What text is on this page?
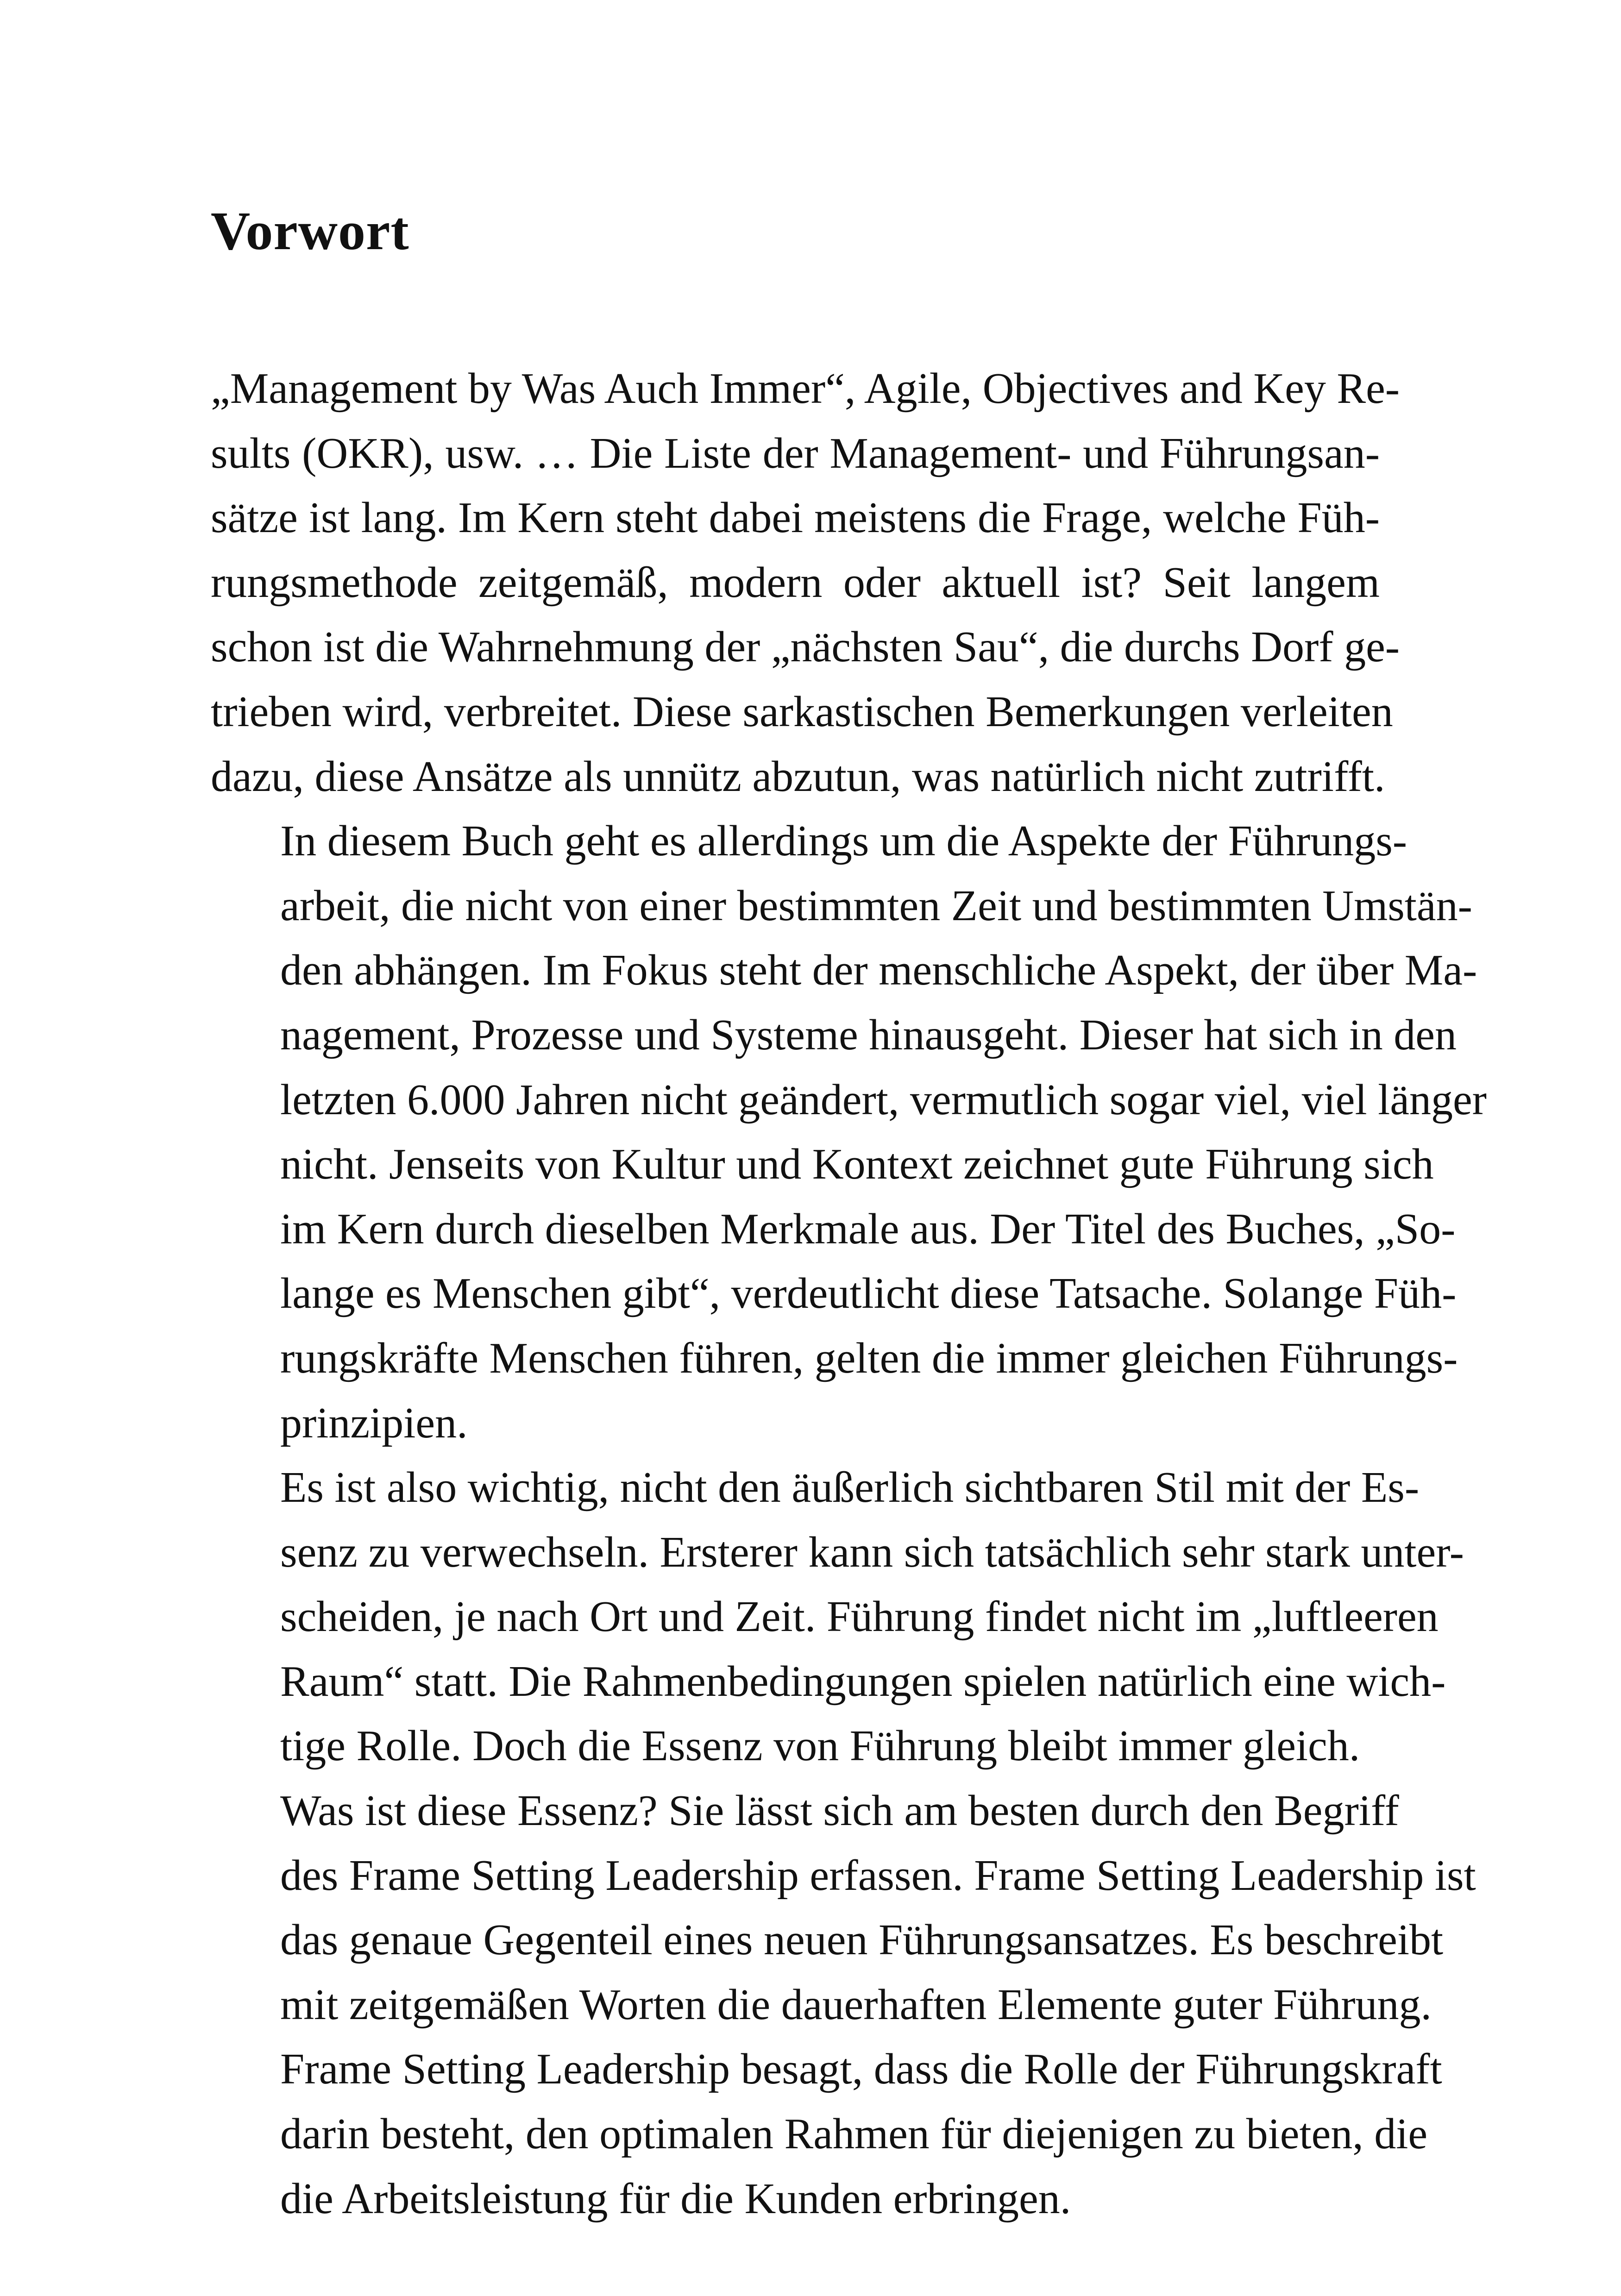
Vorwort

„Management by Was Auch Immer“, Agile, Objectives and Key Re-
sults (OKR), usw. … Die Liste der Management- und Führungsan-
sätze ist lang. Im Kern steht dabei meistens die Frage, welche Füh-
rungsmethode zeitgemäß, modern oder aktuell ist? Seit langem
schon ist die Wahrnehmung der „nächsten Sau“, die durchs Dorf ge-
trieben wird, verbreitet. Diese sarkastischen Bemerkungen verleiten
dazu, diese Ansätze als unnütz abzutun, was natürlich nicht zutrifft.

In diesem Buch geht es allerdings um die Aspekte der Führungs-
arbeit, die nicht von einer bestimmten Zeit und bestimmten Umstän-
den abhängen. Im Fokus steht der menschliche Aspekt, der über Ma-
nagement, Prozesse und Systeme hinausgeht. Dieser hat sich in den
letzten 6.000 Jahren nicht geändert, vermutlich sogar viel, viel länger
nicht. Jenseits von Kultur und Kontext zeichnet gute Führung sich
im Kern durch dieselben Merkmale aus. Der Titel des Buches, „So-
lange es Menschen gibt“, verdeutlicht diese Tatsache. Solange Füh-
rungskräfte Menschen führen, gelten die immer gleichen Führungs-
prinzipien.

Es ist also wichtig, nicht den äußerlich sichtbaren Stil mit der Es-
senz zu verwechseln. Ersterer kann sich tatsächlich sehr stark unter-
scheiden, je nach Ort und Zeit. Führung findet nicht im „luftleeren
Raum“ statt. Die Rahmenbedingungen spielen natürlich eine wich-
tige Rolle. Doch die Essenz von Führung bleibt immer gleich.

Was ist diese Essenz? Sie lässt sich am besten durch den Begriff
des Frame Setting Leadership erfassen. Frame Setting Leadership ist
das genaue Gegenteil eines neuen Führungsansatzes. Es beschreibt
mit zeitgemäßen Worten die dauerhaften Elemente guter Führung.
Frame Setting Leadership besagt, dass die Rolle der Führungskraft
darin besteht, den optimalen Rahmen für diejenigen zu bieten, die
die Arbeitsleistung für die Kunden erbringen.
